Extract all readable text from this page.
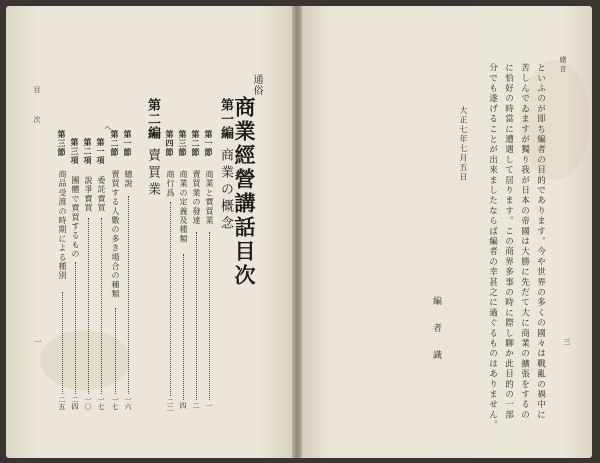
目
次
一
通俗
商業經營講話目次
第一編
商業の概念
第一節
商業と賣買業
一
第二節
賣買業の發達
二
第三節
商業の定義及種類
四
第四節
商行爲
二二
第二編
賣買業
第一節
總說
一六
第二節
賣買する人數の多き場合の種類
一七
へ
第一項
委託賣買
一七
第二項
說爭賣買
一〇
第三項
團體で賣買するもの
二四
第三節
商品受渡の時期による種別
二五
緒言
三
といふのが即ち編者の目的であります。今や世界の多くの國々は戰亂の禍中に
苦しんでゐますが獨り我が日本の帝國は大勝に先だて大に商業の擴張をするの
に恰好の時當に遭遇して居ります。この商界多事の時に際し聊か此目的の一部
分でも遂げることが出來ましたならば編者の幸甚之に過ぐるものはありません。
大正七年七月五日
編者識
